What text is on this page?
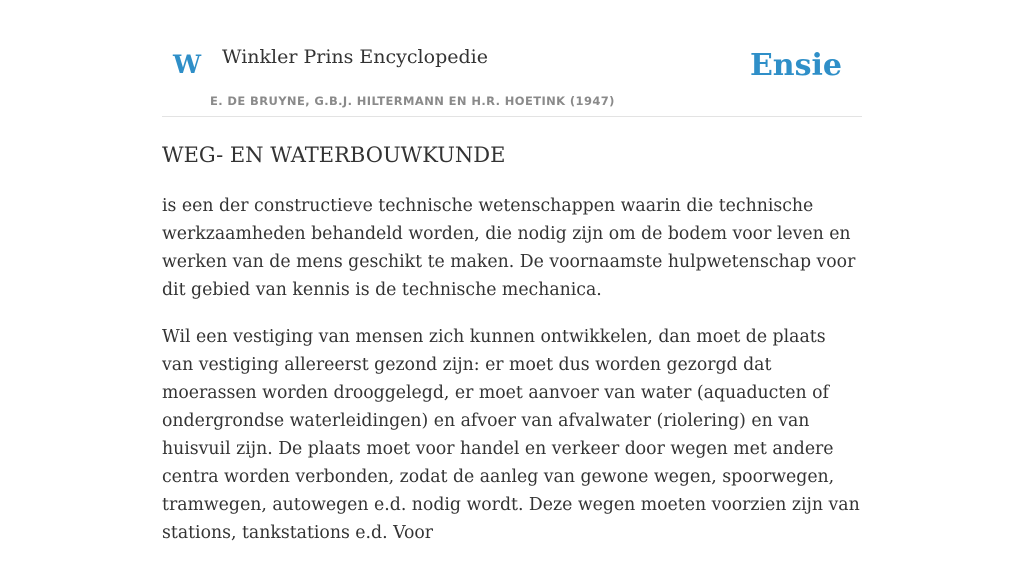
W Winkler Prins Encyclopedie
E. DE BRUYNE, G.B.J. HILTERMANN EN H.R. HOETINK (1947)
Ensie
WEG- EN WATERBOUWKUNDE

is een der constructieve technische wetenschappen waarin die technische werkzaamheden behandeld worden, die nodig zijn om de bodem voor leven en werken van de mens geschikt te maken. De voornaamste hulpwetenschap voor dit gebied van kennis is de technische mechanica.

Wil een vestiging van mensen zich kunnen ontwikkelen, dan moet de plaats van vestiging allereerst gezond zijn: er moet dus worden gezorgd dat moerassen worden drooggelegd, er moet aanvoer van water (aquaducten of ondergrondse waterleidingen) en afvoer van afvalwater (riolering) en van huisvuil zijn. De plaats moet voor handel en verkeer door wegen met andere centra worden verbonden, zodat de aanleg van gewone wegen, spoorwegen, tramwegen, autowegen e.d. nodig wordt. Deze wegen moeten voorzien zijn van stations, tankstations e.d. Voor
